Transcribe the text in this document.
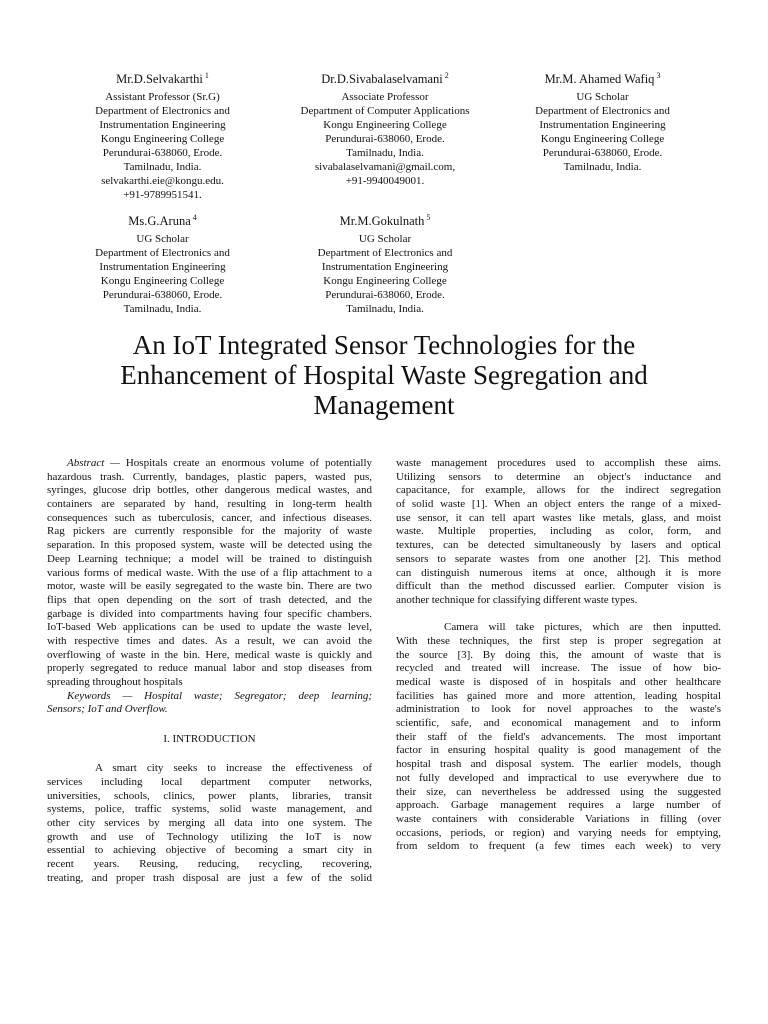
Mr.D.Selvakarthi $^1$
Assistant Professor (Sr.G)
Department of Electronics and
Instrumentation Engineering
Kongu Engineering College
Perundurai-638060, Erode.
Tamilnadu, India.
selvakarthi.eie@kongu.edu.
+91-9789951541.
Dr.D.Sivabalaselvamani $^2$
Associate Professor
Department of Computer Applications
Kongu Engineering College
Perundurai-638060, Erode.
Tamilnadu, India.
sivabalaselvamani@gmail.com,
+91-9940049001.
Mr.M. Ahamed Wafiq $^3$
UG Scholar
Department of Electronics and
Instrumentation Engineering
Kongu Engineering College
Perundurai-638060, Erode.
Tamilnadu, India.
Ms.G.Aruna $^4$
UG Scholar
Department of Electronics and
Instrumentation Engineering
Kongu Engineering College
Perundurai-638060, Erode.
Tamilnadu, India.
Mr.M.Gokulnath $^5$
UG Scholar
Department of Electronics and
Instrumentation Engineering
Kongu Engineering College
Perundurai-638060, Erode.
Tamilnadu, India.
An IoT Integrated Sensor Technologies for the
Enhancement of Hospital Waste Segregation and
Management
Abstract — Hospitals create an enormous volume of potentially
hazardous trash. Currently, bandages, plastic papers, wasted pus,
syringes, glucose drip bottles, other dangerous medical wastes, and
containers are separated by hand, resulting in long-term health
consequences such as tuberculosis, cancer, and infectious diseases.
Rag pickers are currently responsible for the majority of waste
separation. In this proposed system, waste will be detected using the
Deep Learning technique; a model will be trained to distinguish
various forms of medical waste. With the use of a flip attachment to a
motor, waste will be easily segregated to the waste bin. There are two
flips that open depending on the sort of trash detected, and the
garbage is divided into compartments having four specific chambers.
IoT-based Web applications can be used to update the waste level,
with respective times and dates. As a result, we can avoid the
overflowing of waste in the bin. Here, medical waste is quickly and
properly segregated to reduce manual labor and stop diseases from
spreading throughout hospitals
Keywords — Hospital waste; Segregator; deep learning;
Sensors; IoT and Overflow.
I. INTRODUCTION
A smart city seeks to increase the effectiveness of
services including local department computer networks,
universities, schools, clinics, power plants, libraries, transit
systems, police, traffic systems, solid waste management, and
other city services by merging all data into one system. The
growth and use of Technology utilizing the IoT is now
essential to achieving objective of becoming a smart city in
recent years. Reusing, reducing, recycling, recovering,
treating, and proper trash disposal are just a few of the solid
waste management procedures used to accomplish these aims.
Utilizing sensors to determine an object's inductance and
capacitance, for example, allows for the indirect segregation
of solid waste [1]. When an object enters the range of a mixed-
use sensor, it can tell apart wastes like metals, glass, and moist
waste. Multiple properties, including as color, form, and
textures, can be detected simultaneously by lasers and optical
sensors to separate wastes from one another [2]. This method
can distinguish numerous items at once, although it is more
difficult than the method discussed earlier. Computer vision is
another technique for classifying different waste types.
Camera will take pictures, which are then inputted.
With these techniques, the first step is proper segregation at
the source [3]. By doing this, the amount of waste that is
recycled and treated will increase. The issue of how bio-
medical waste is disposed of in hospitals and other healthcare
facilities has gained more and more attention, leading hospital
administration to look for novel approaches to the waste's
scientific, safe, and economical management and to inform
their staff of the field's advancements. The most important
factor in ensuring hospital quality is good management of the
hospital trash and disposal system. The earlier models, though
not fully developed and impractical to use everywhere due to
their size, can nevertheless be addressed using the suggested
approach. Garbage management requires a large number of
waste containers with considerable Variations in filling (over
occasions, periods, or region) and varying needs for emptying,
from seldom to frequent (a few times each week) to very
